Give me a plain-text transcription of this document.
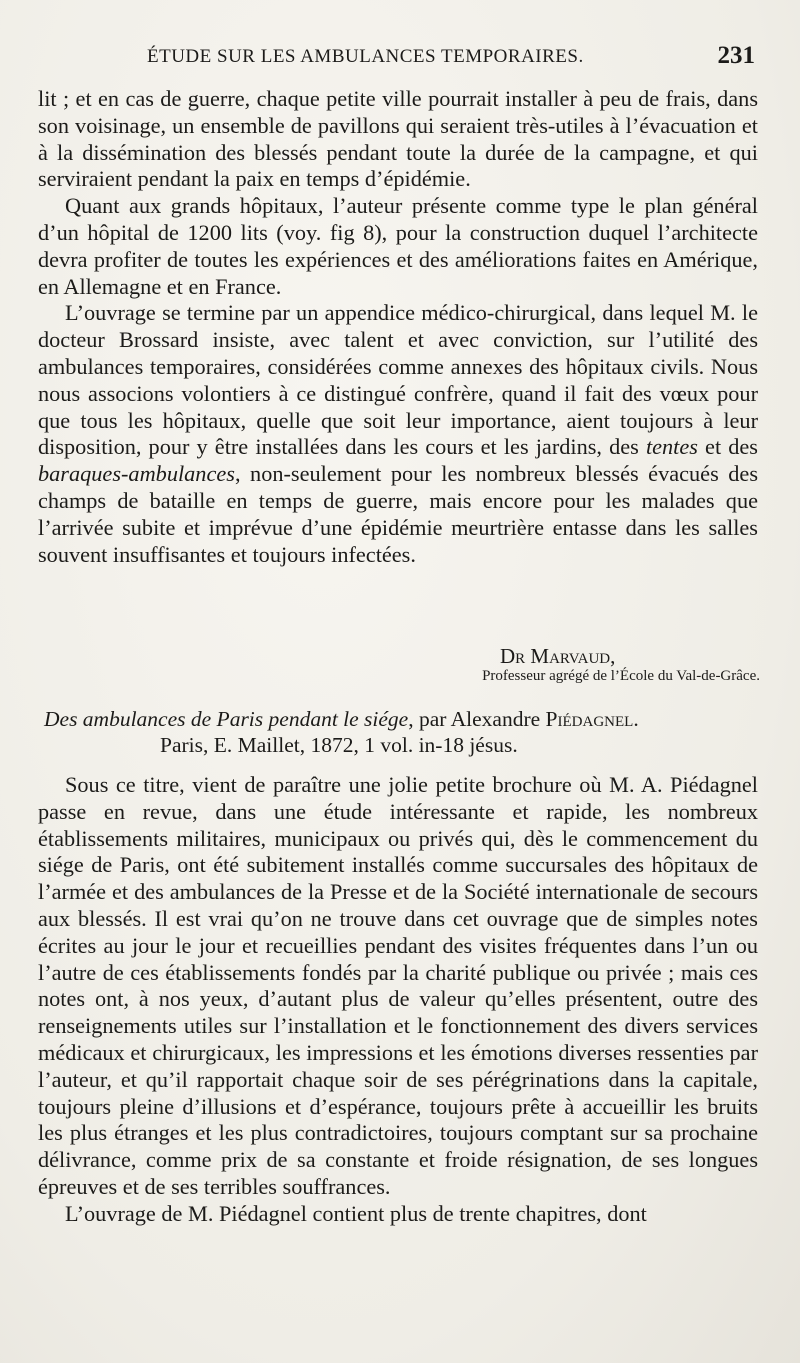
ÉTUDE SUR LES AMBULANCES TEMPORAIRES.	231

lit ; et en cas de guerre, chaque petite ville pourrait installer à peu de frais, dans son voisinage, un ensemble de pavillons qui seraient très-utiles à l’évacuation et à la dissémination des blessés pendant toute la durée de la campagne, et qui serviraient pendant la paix en temps d’épidémie.

Quant aux grands hôpitaux, l’auteur présente comme type le plan général d’un hôpital de 1200 lits (voy. fig 8), pour la construction duquel l’architecte devra profiter de toutes les expériences et des améliorations faites en Amérique, en Allemagne et en France.

L’ouvrage se termine par un appendice médico-chirurgical, dans lequel M. le docteur Brossard insiste, avec talent et avec conviction, sur l’utilité des ambulances temporaires, considérées comme annexes des hôpitaux civils. Nous nous associons volontiers à ce distingué confrère, quand il fait des vœux pour que tous les hôpitaux, quelle que soit leur importance, aient toujours à leur disposition, pour y être installées dans les cours et les jardins, des tentes et des baraques-ambulances, non-seulement pour les nombreux blessés évacués des champs de bataille en temps de guerre, mais encore pour les malades que l’arrivée subite et imprévue d’une épidémie meurtrière entasse dans les salles souvent insuffisantes et toujours infectées.

Dr Marvaud,
Professeur agrégé de l’École du Val-de-Grâce.
Des ambulances de Paris pendant le siége, par Alexandre Piédagnel.
Paris, E. Maillet, 1872, 1 vol. in-18 jésus.

Sous ce titre, vient de paraître une jolie petite brochure où M. A. Piédagnel passe en revue, dans une étude intéressante et rapide, les nombreux établissements militaires, municipaux ou privés qui, dès le commencement du siége de Paris, ont été subitement installés comme succursales des hôpitaux de l’armée et des ambulances de la Presse et de la Société internationale de secours aux blessés. Il est vrai qu’on ne trouve dans cet ouvrage que de simples notes écrites au jour le jour et recueillies pendant des visites fréquentes dans l’un ou l’autre de ces établissements fondés par la charité publique ou privée ; mais ces notes ont, à nos yeux, d’autant plus de valeur qu’elles présentent, outre des renseignements utiles sur l’installation et le fonctionnement des divers services médicaux et chirurgicaux, les impressions et les émotions diverses ressenties par l’auteur, et qu’il rapportait chaque soir de ses pérégrinations dans la capitale, toujours pleine d’illusions et d’espérance, toujours prête à accueillir les bruits les plus étranges et les plus contradictoires, toujours comptant sur sa prochaine délivrance, comme prix de sa constante et froide résignation, de ses longues épreuves et de ses terribles souffrances.

L’ouvrage de M. Piédagnel contient plus de trente chapitres, dont
